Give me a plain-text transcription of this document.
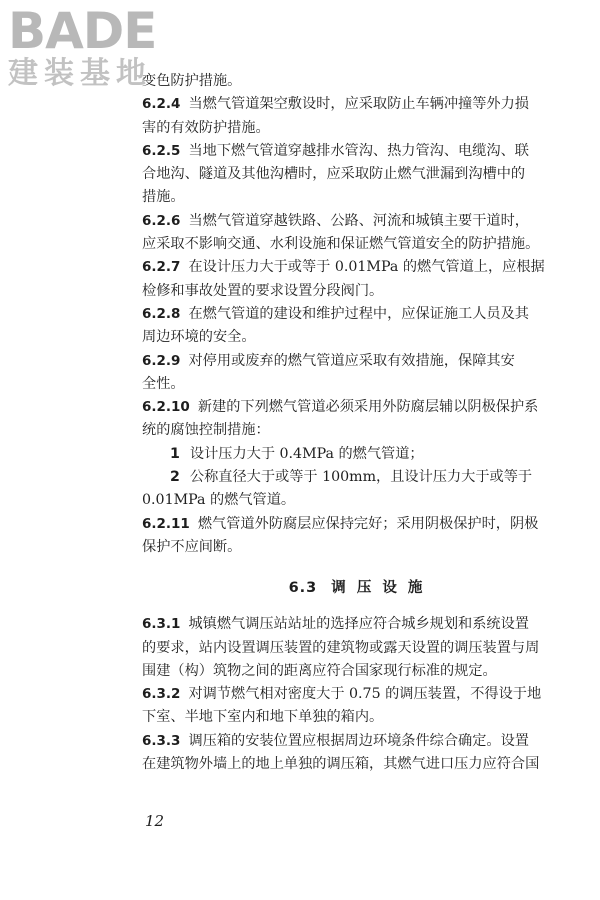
BADE
建装基地
变色防护措施。
6.2.4 当燃气管道架空敷设时，应采取防止车辆冲撞等外力损
害的有效防护措施。
6.2.5 当地下燃气管道穿越排水管沟、热力管沟、电缆沟、联
合地沟、隧道及其他沟槽时，应采取防止燃气泄漏到沟槽中的
措施。
6.2.6 当燃气管道穿越铁路、公路、河流和城镇主要干道时，
应采取不影响交通、水利设施和保证燃气管道安全的防护措施。
6.2.7 在设计压力大于或等于 0.01MPa 的燃气管道上，应根据
检修和事故处置的要求设置分段阀门。
6.2.8 在燃气管道的建设和维护过程中，应保证施工人员及其
周边环境的安全。
6.2.9 对停用或废弃的燃气管道应采取有效措施，保障其安
全性。
6.2.10 新建的下列燃气管道必须采用外防腐层辅以阴极保护系
统的腐蚀控制措施：
1 设计压力大于 0.4MPa 的燃气管道；
2 公称直径大于或等于 100mm，且设计压力大于或等于
0.01MPa 的燃气管道。
6.2.11 燃气管道外防腐层应保持完好；采用阴极保护时，阴极
保护不应间断。
6.3 调 压 设 施
6.3.1 城镇燃气调压站站址的选择应符合城乡规划和系统设置
的要求，站内设置调压装置的建筑物或露天设置的调压装置与周
围建（构）筑物之间的距离应符合国家现行标准的规定。
6.3.2 对调节燃气相对密度大于 0.75 的调压装置，不得设于地
下室、半地下室内和地下单独的箱内。
6.3.3 调压箱的安装位置应根据周边环境条件综合确定。设置
在建筑物外墙上的地上单独的调压箱，其燃气进口压力应符合国
12
